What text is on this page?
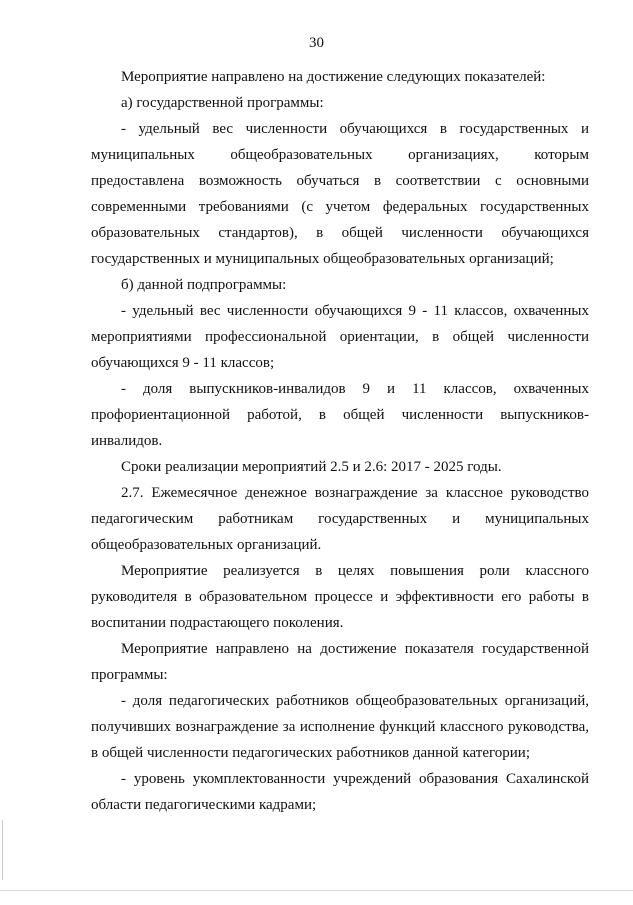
30

Мероприятие направлено на достижение следующих показателей:

а) государственной программы:

- удельный вес численности обучающихся в государственных и муниципальных общеобразовательных организациях, которым предоставлена возможность обучаться в соответствии с основными современными требованиями (с учетом федеральных государственных образовательных стандартов), в общей численности обучающихся государственных и муниципальных общеобразовательных организаций;

б) данной подпрограммы:

- удельный вес численности обучающихся 9 - 11 классов, охваченных мероприятиями профессиональной ориентации, в общей численности обучающихся 9 - 11 классов;

- доля выпускников-инвалидов 9 и 11 классов, охваченных профориентационной работой, в общей численности выпускников-инвалидов.

Сроки реализации мероприятий 2.5 и 2.6: 2017 - 2025 годы.

2.7. Ежемесячное денежное вознаграждение за классное руководство педагогическим работникам государственных и муниципальных общеобразовательных организаций.

Мероприятие реализуется в целях повышения роли классного руководителя в образовательном процессе и эффективности его работы в воспитании подрастающего поколения.

Мероприятие направлено на достижение показателя государственной программы:

- доля педагогических работников общеобразовательных организаций, получивших вознаграждение за исполнение функций классного руководства, в общей численности педагогических работников данной категории;

- уровень укомплектованности учреждений образования Сахалинской области педагогическими кадрами;
